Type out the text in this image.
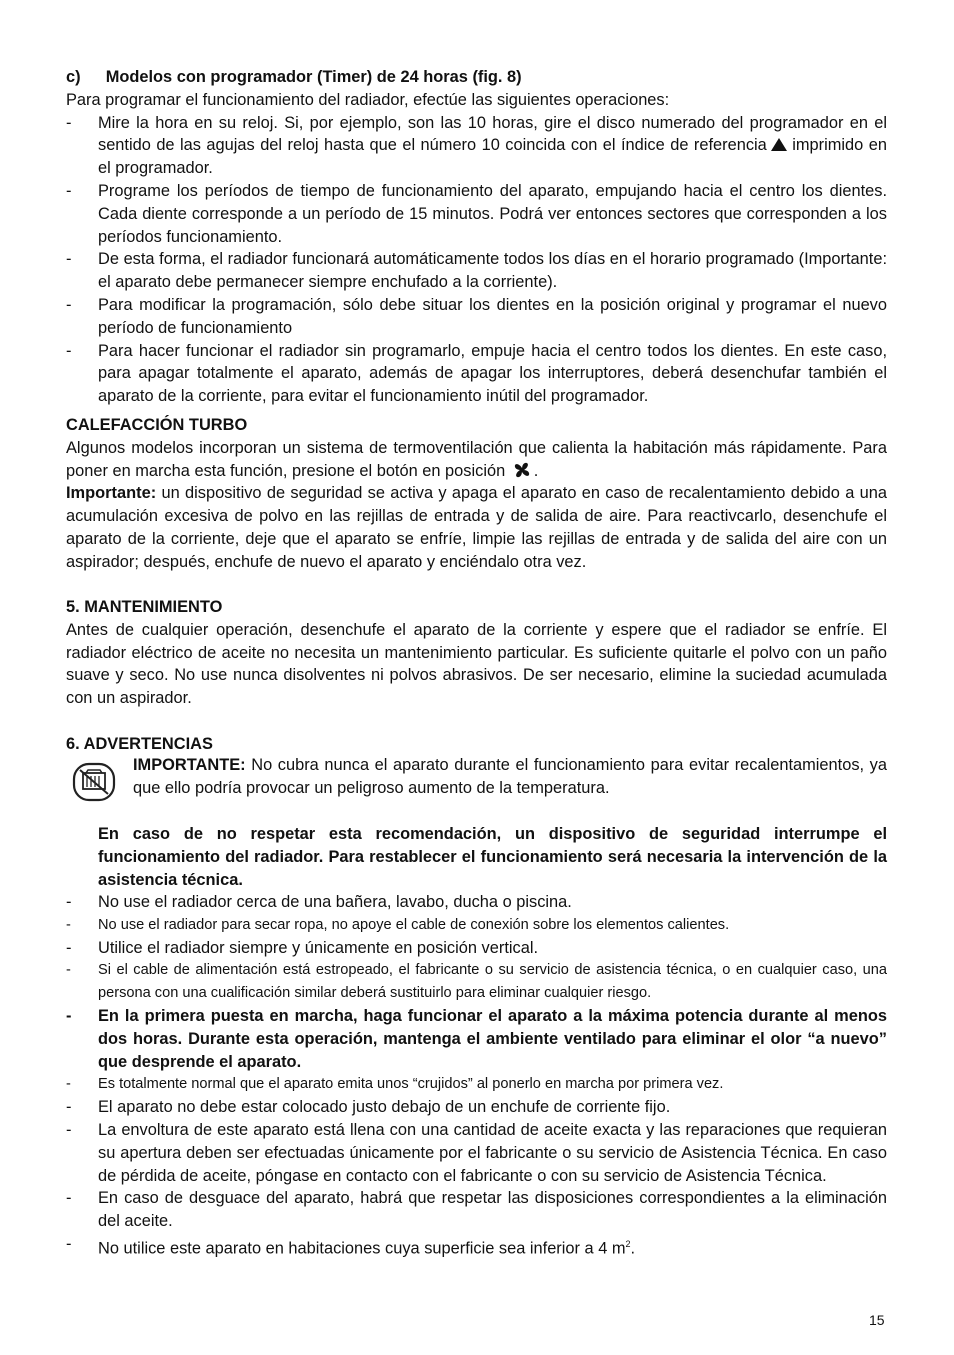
c) Modelos con programador (Timer) de 24 horas (fig. 8)

Para programar el funcionamiento del radiador, efectúe las siguientes operaciones:

-	Mire la hora en su reloj. Si, por ejemplo, son las 10 horas, gire el disco numerado del programador en el sentido de las agujas del reloj hasta que el número 10 coincida con el índice de referencia imprimido en el programador.
-	Programe los períodos de tiempo de funcionamiento del aparato, empujando hacia el centro los dientes. Cada diente corresponde a un período de 15 minutos. Podrá ver entonces sectores que corresponden a los períodos funcionamiento.
-	De esta forma, el radiador funcionará automáticamente todos los días en el horario programado (Importante: el aparato debe permanecer siempre enchufado a la corriente).
-	Para modificar la programación, sólo debe situar los dientes en la posición original y programar el nuevo período de funcionamiento
-	Para hacer funcionar el radiador sin programarlo, empuje hacia el centro todos los dientes. En este caso, para apagar totalmente el aparato, además de apagar los interruptores, deberá desenchufar también el aparato de la corriente, para evitar el funcionamiento inútil del programador.

CALEFACCIÓN TURBO

Algunos modelos incorporan un sistema de termoventilación que calienta la habitación más rápidamente. Para poner en marcha esta función, presione el botón en posición .

Importante: un dispositivo de seguridad se activa y apaga el aparato en caso de recalentamiento debido a una acumulación excesiva de polvo en las rejillas de entrada y de salida de aire. Para reactivcarlo, desenchufe el aparato de la corriente, deje que el aparato se enfríe, limpie las rejillas de entrada y de salida del aire con un aspirador; después, enchufe de nuevo el aparato y enciéndalo otra vez.

5. MANTENIMIENTO

Antes de cualquier operación, desenchufe el aparato de la corriente y espere que el radiador se enfríe. El radiador eléctrico de aceite no necesita un mantenimiento particular. Es suficiente quitarle el polvo con un paño suave y seco. No use nunca disolventes ni polvos abrasivos. De ser necesario, elimine la suciedad acumulada con un aspirador.

6. ADVERTENCIAS

IMPORTANTE: No cubra nunca el aparato durante el funcionamiento para evitar recalentamientos, ya que ello podría provocar un peligroso aumento de la temperatura.

En caso de no respetar esta recomendación, un dispositivo de seguridad interrumpe el funcionamiento del radiador. Para restablecer el funcionamiento será necesaria la intervención de la asistencia técnica.

-	No use el radiador cerca de una bañera, lavabo, ducha o piscina.
-	No use el radiador para secar ropa, no apoye el cable de conexión sobre los elementos calientes.
-	Utilice el radiador siempre y únicamente en posición vertical.
-	Si el cable de alimentación está estropeado, el fabricante o su servicio de asistencia técnica, o en cualquier caso, una persona con una cualificación similar deberá sustituirlo para eliminar cualquier riesgo.
-	En la primera puesta en marcha, haga funcionar el aparato a la máxima potencia durante al menos dos horas. Durante esta operación, mantenga el ambiente ventilado para eliminar el olor “a nuevo” que desprende el aparato.
-	Es totalmente normal que el aparato emita unos “crujidos” al ponerlo en marcha por primera vez.
-	El aparato no debe estar colocado justo debajo de un enchufe de corriente fijo.
-	La envoltura de este aparato está llena con una cantidad de aceite exacta y las reparaciones que requieran su apertura deben ser efectuadas únicamente por el fabricante o su servicio de Asistencia Técnica. En caso de pérdida de aceite, póngase en contacto con el fabricante o con su servicio de Asistencia Técnica.
-	En caso de desguace del aparato, habrá que respetar las disposiciones correspondientes a la eliminación del aceite.
-	No utilice este aparato en habitaciones cuya superficie sea inferior a 4 $m^2$.
15
